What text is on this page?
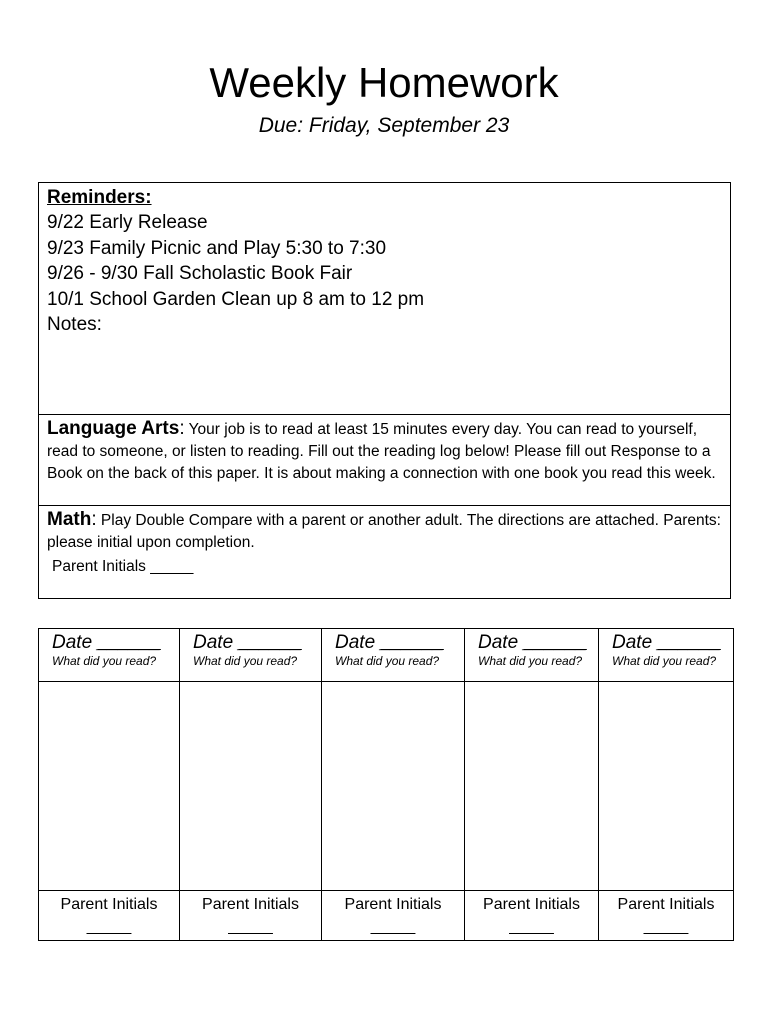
Weekly Homework
Due: Friday, September 23
Reminders:
9/22 Early Release
9/23 Family Picnic and Play 5:30 to 7:30
9/26 - 9/30 Fall Scholastic Book Fair
10/1 School Garden Clean up 8 am to 12 pm
Notes:
Language Arts: Your job is to read at least 15 minutes every day. You can read to yourself, read to someone, or listen to reading. Fill out the reading log below! Please fill out Response to a Book on the back of this paper. It is about making a connection with one book you read this week.
Math: Play Double Compare with a parent or another adult. The directions are attached. Parents: please initial upon completion.
Parent Initials _____
Date ______
What did you read?	Date ______
What did you read?	Date ______
What did you read?	Date ______
What did you read?	Date ______
What did you read?

Parent Initials
_____	Parent Initials
_____	Parent Initials
_____	Parent Initials
_____	Parent Initials
_____
